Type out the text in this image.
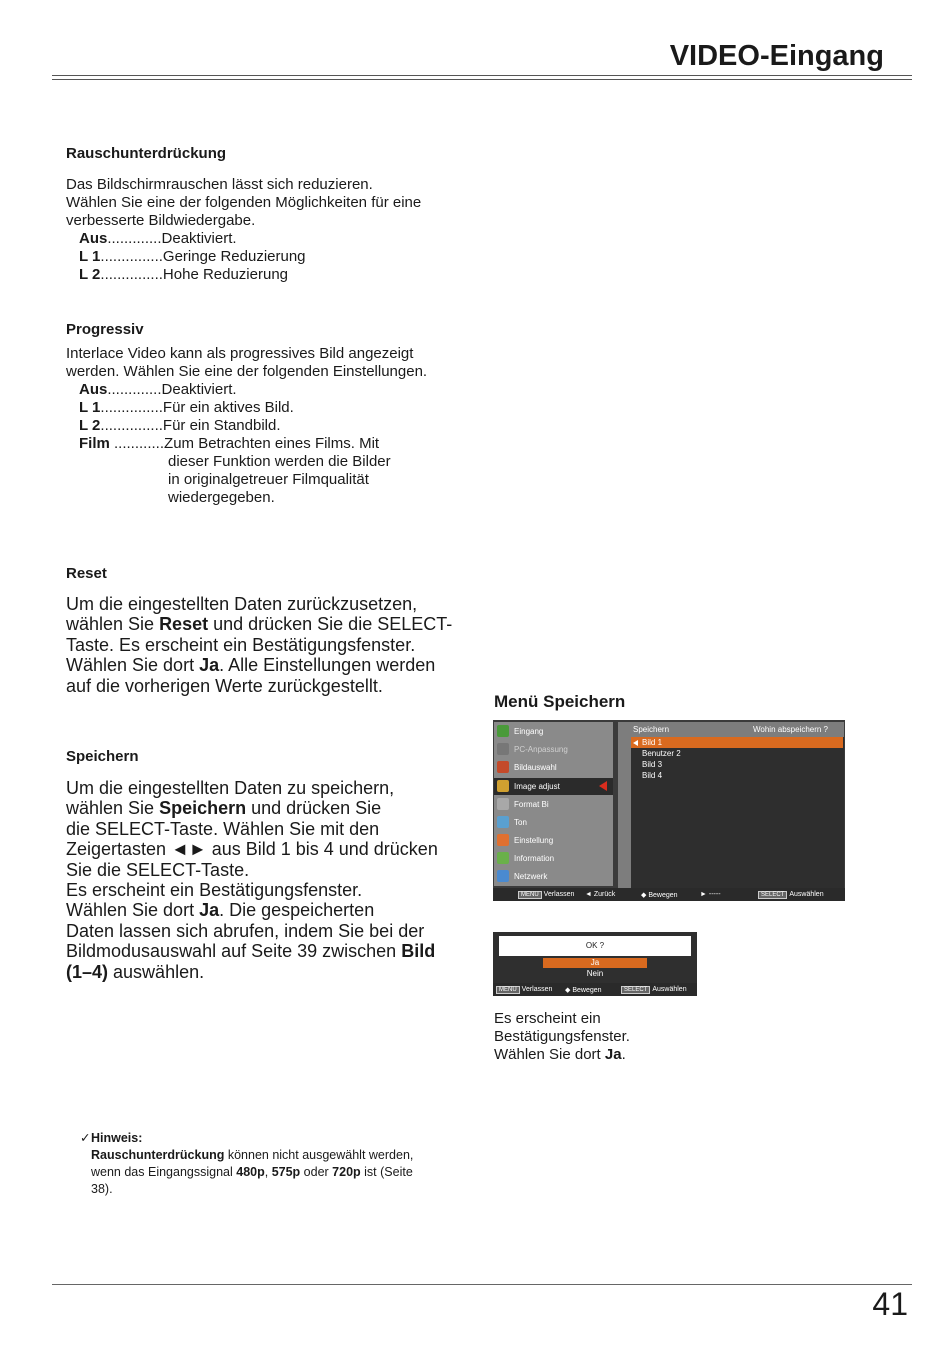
VIDEO-Eingang
Rauschunterdrückung
Das Bildschirmrauschen lässt sich reduzieren.
Wählen Sie eine der folgenden Möglichkeiten für eine
verbesserte Bildwiedergabe.
Aus.............Deaktiviert.
L 1...............Geringe Reduzierung
L 2...............Hohe Reduzierung
Progressiv
Interlace Video kann als progressives Bild angezeigt
werden. Wählen Sie eine der folgenden Einstellungen.
Aus.............Deaktiviert.
L 1...............Für ein aktives Bild.
L 2...............Für ein Standbild.
Film ............Zum Betrachten eines Films. Mit
dieser Funktion werden die Bilder
in originalgetreuer Filmqualität
wiedergegeben.
Reset
Um die eingestellten Daten zurückzusetzen,
wählen Sie Reset und drücken Sie die SELECT-
Taste. Es erscheint ein Bestätigungsfenster.
Wählen Sie dort Ja. Alle Einstellungen werden
auf die vorherigen Werte zurückgestellt.
Speichern
Um die eingestellten Daten zu speichern,
wählen Sie Speichern und drücken Sie
die SELECT-Taste. Wählen Sie mit den
Zeigertasten ◄► aus Bild 1 bis 4 und drücken
Sie die SELECT-Taste.
Es erscheint ein Bestätigungsfenster.
Wählen Sie dort Ja. Die gespeicherten
Daten lassen sich abrufen, indem Sie bei der
Bildmodusauswahl auf Seite 39 zwischen Bild
(1–4) auswählen.
Menü Speichern
Eingang
PC-Anpassung
Bildauswahl
Image adjust
Format Bi
Ton
Einstellung
Information
Netzwerk
Speichern	Wohin abspeichern ?
Bild 1
Benutzer 2
Bild 3
Bild 4
MENU Verlassen ◄ Zurück	◆ Bewegen	► -----	SELECT Auswählen
OK ?
Ja
Nein
MENU Verlassen ◆ Bewegen	SELECT Auswählen
Es erscheint ein
Bestätigungsfenster.
Wählen Sie dort Ja.
✓Hinweis:
Rauschunterdrückung können nicht ausgewählt werden,
wenn das Eingangssignal 480p, 575p oder 720p ist (Seite
38).
41
